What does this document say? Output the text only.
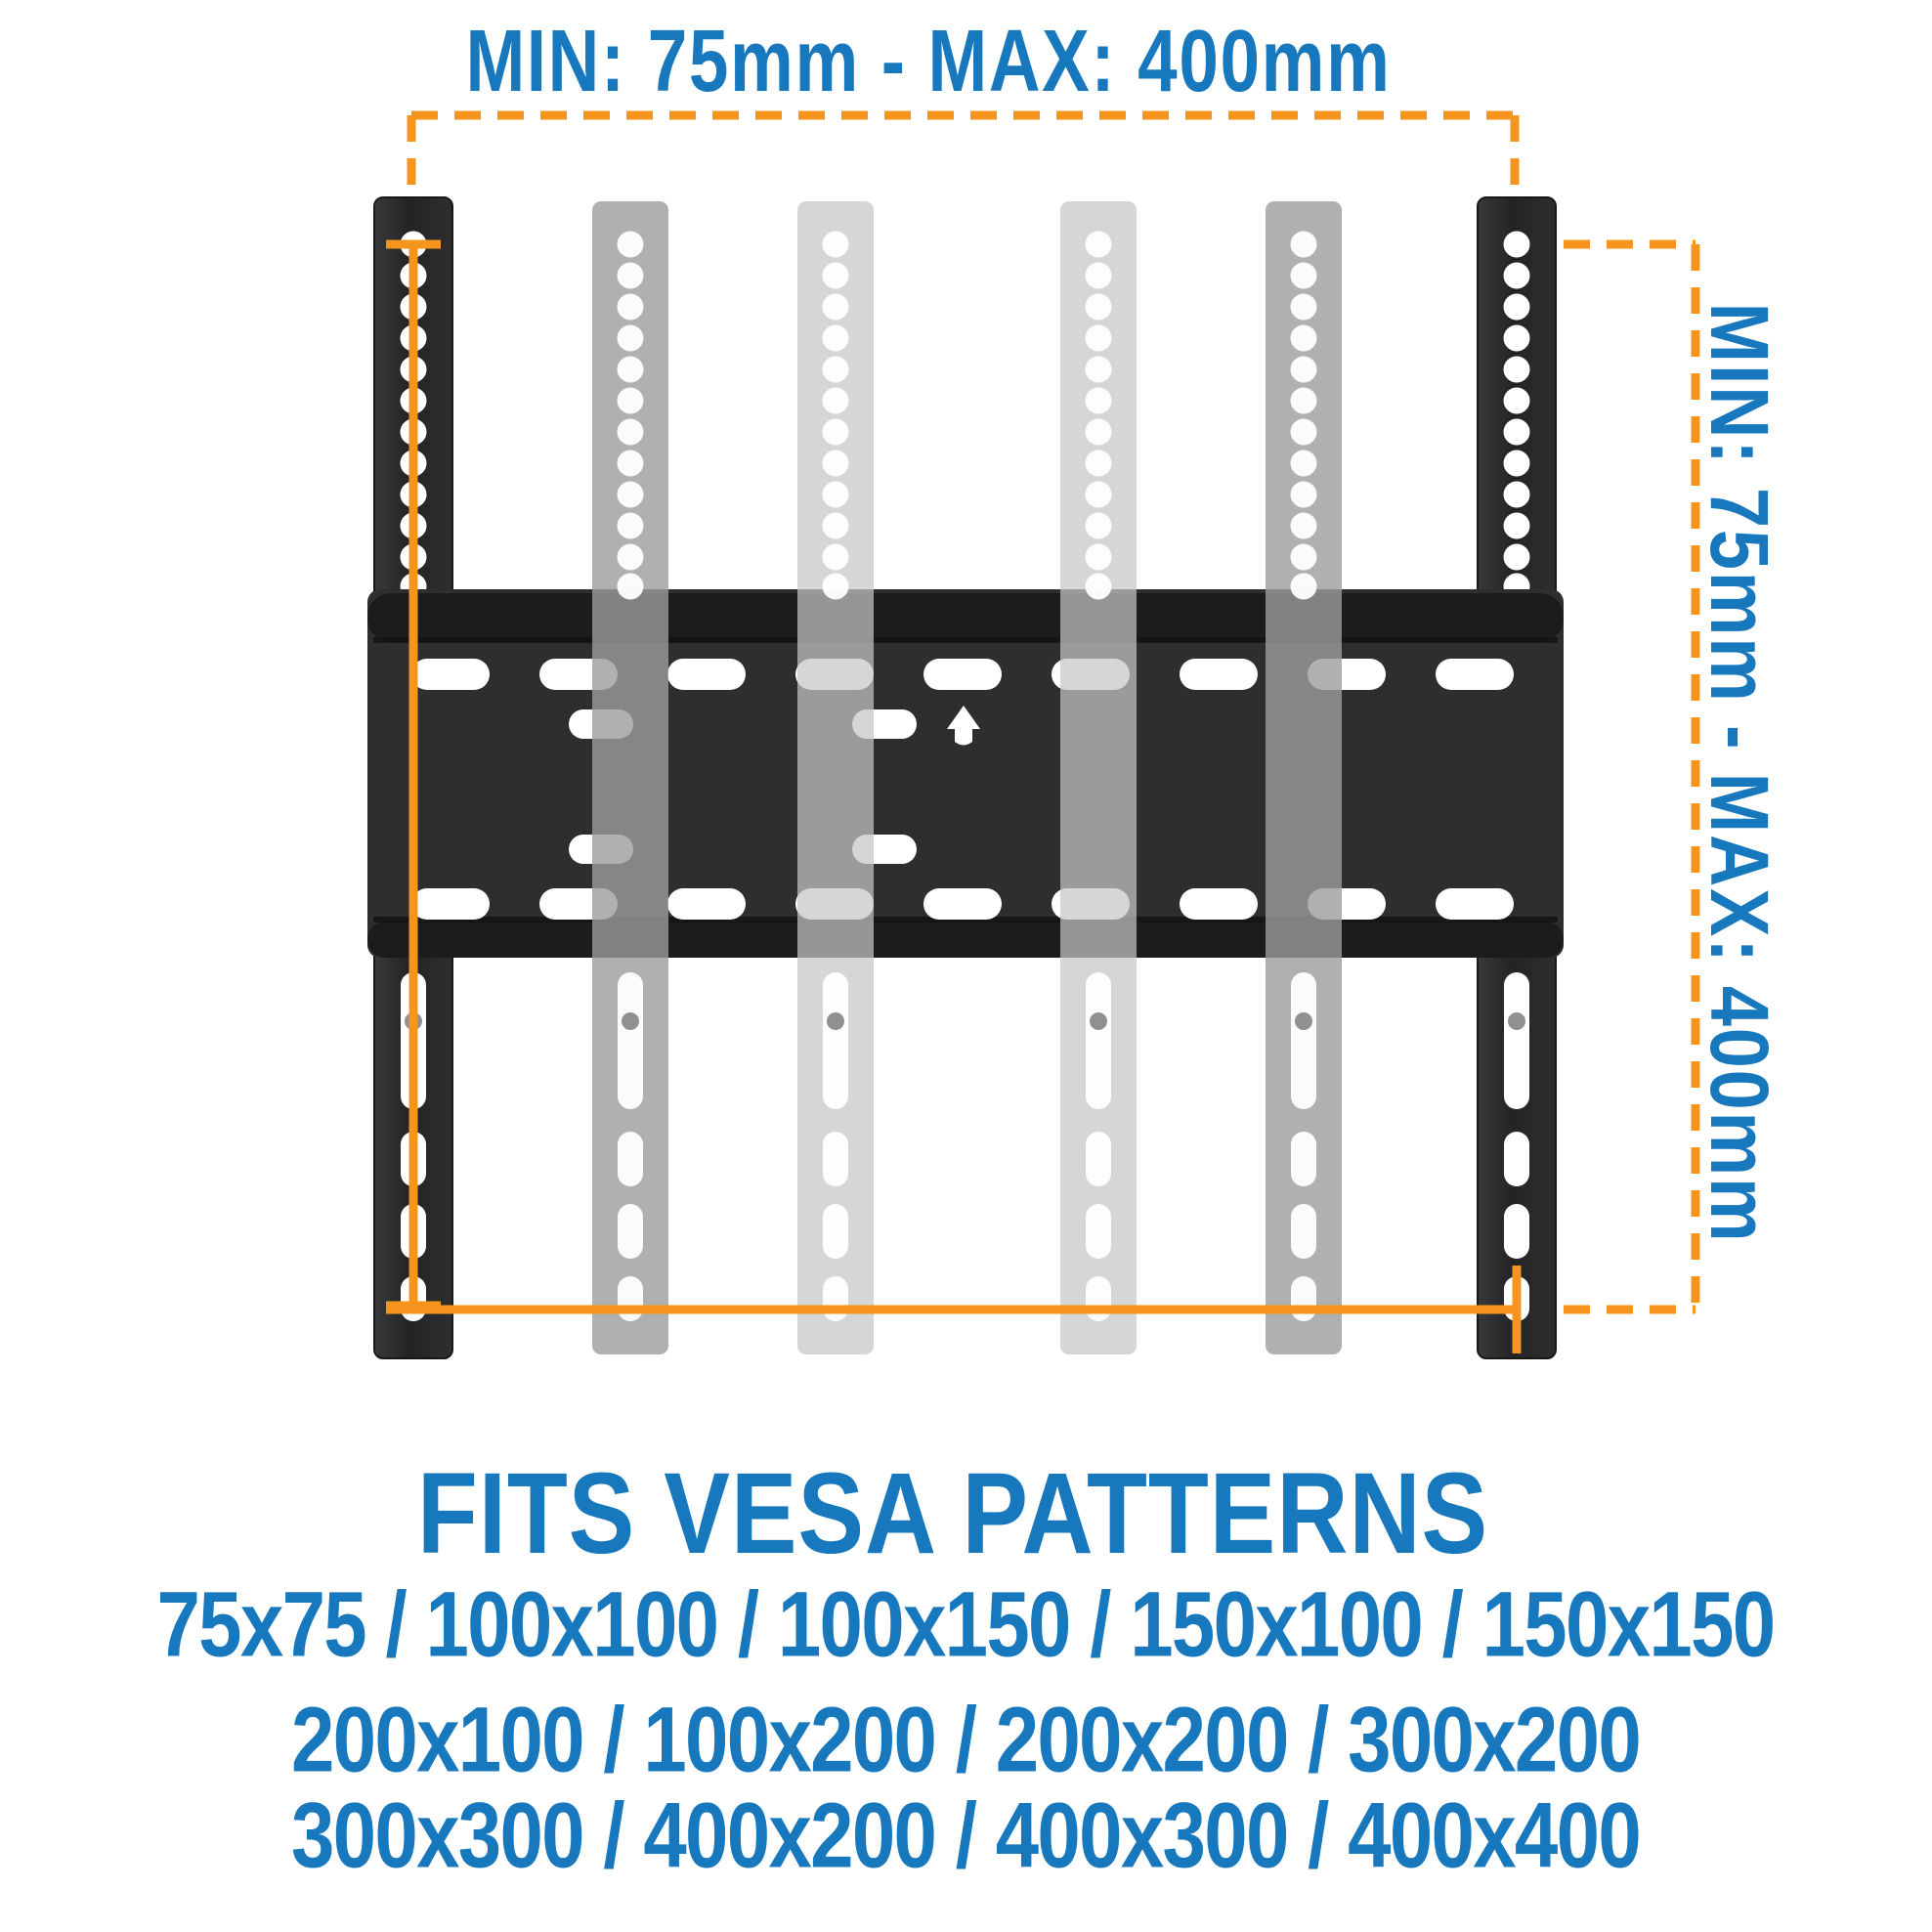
MIN: 75mm - MAX: 400mm
MIN: 75mm - MAX: 400mm
FITS VESA PATTERNS
75x75 / 100x100 / 100x150 / 150x100 / 150x150
200x100 / 100x200 / 200x200 / 300x200
300x300 / 400x200 / 400x300 / 400x400
